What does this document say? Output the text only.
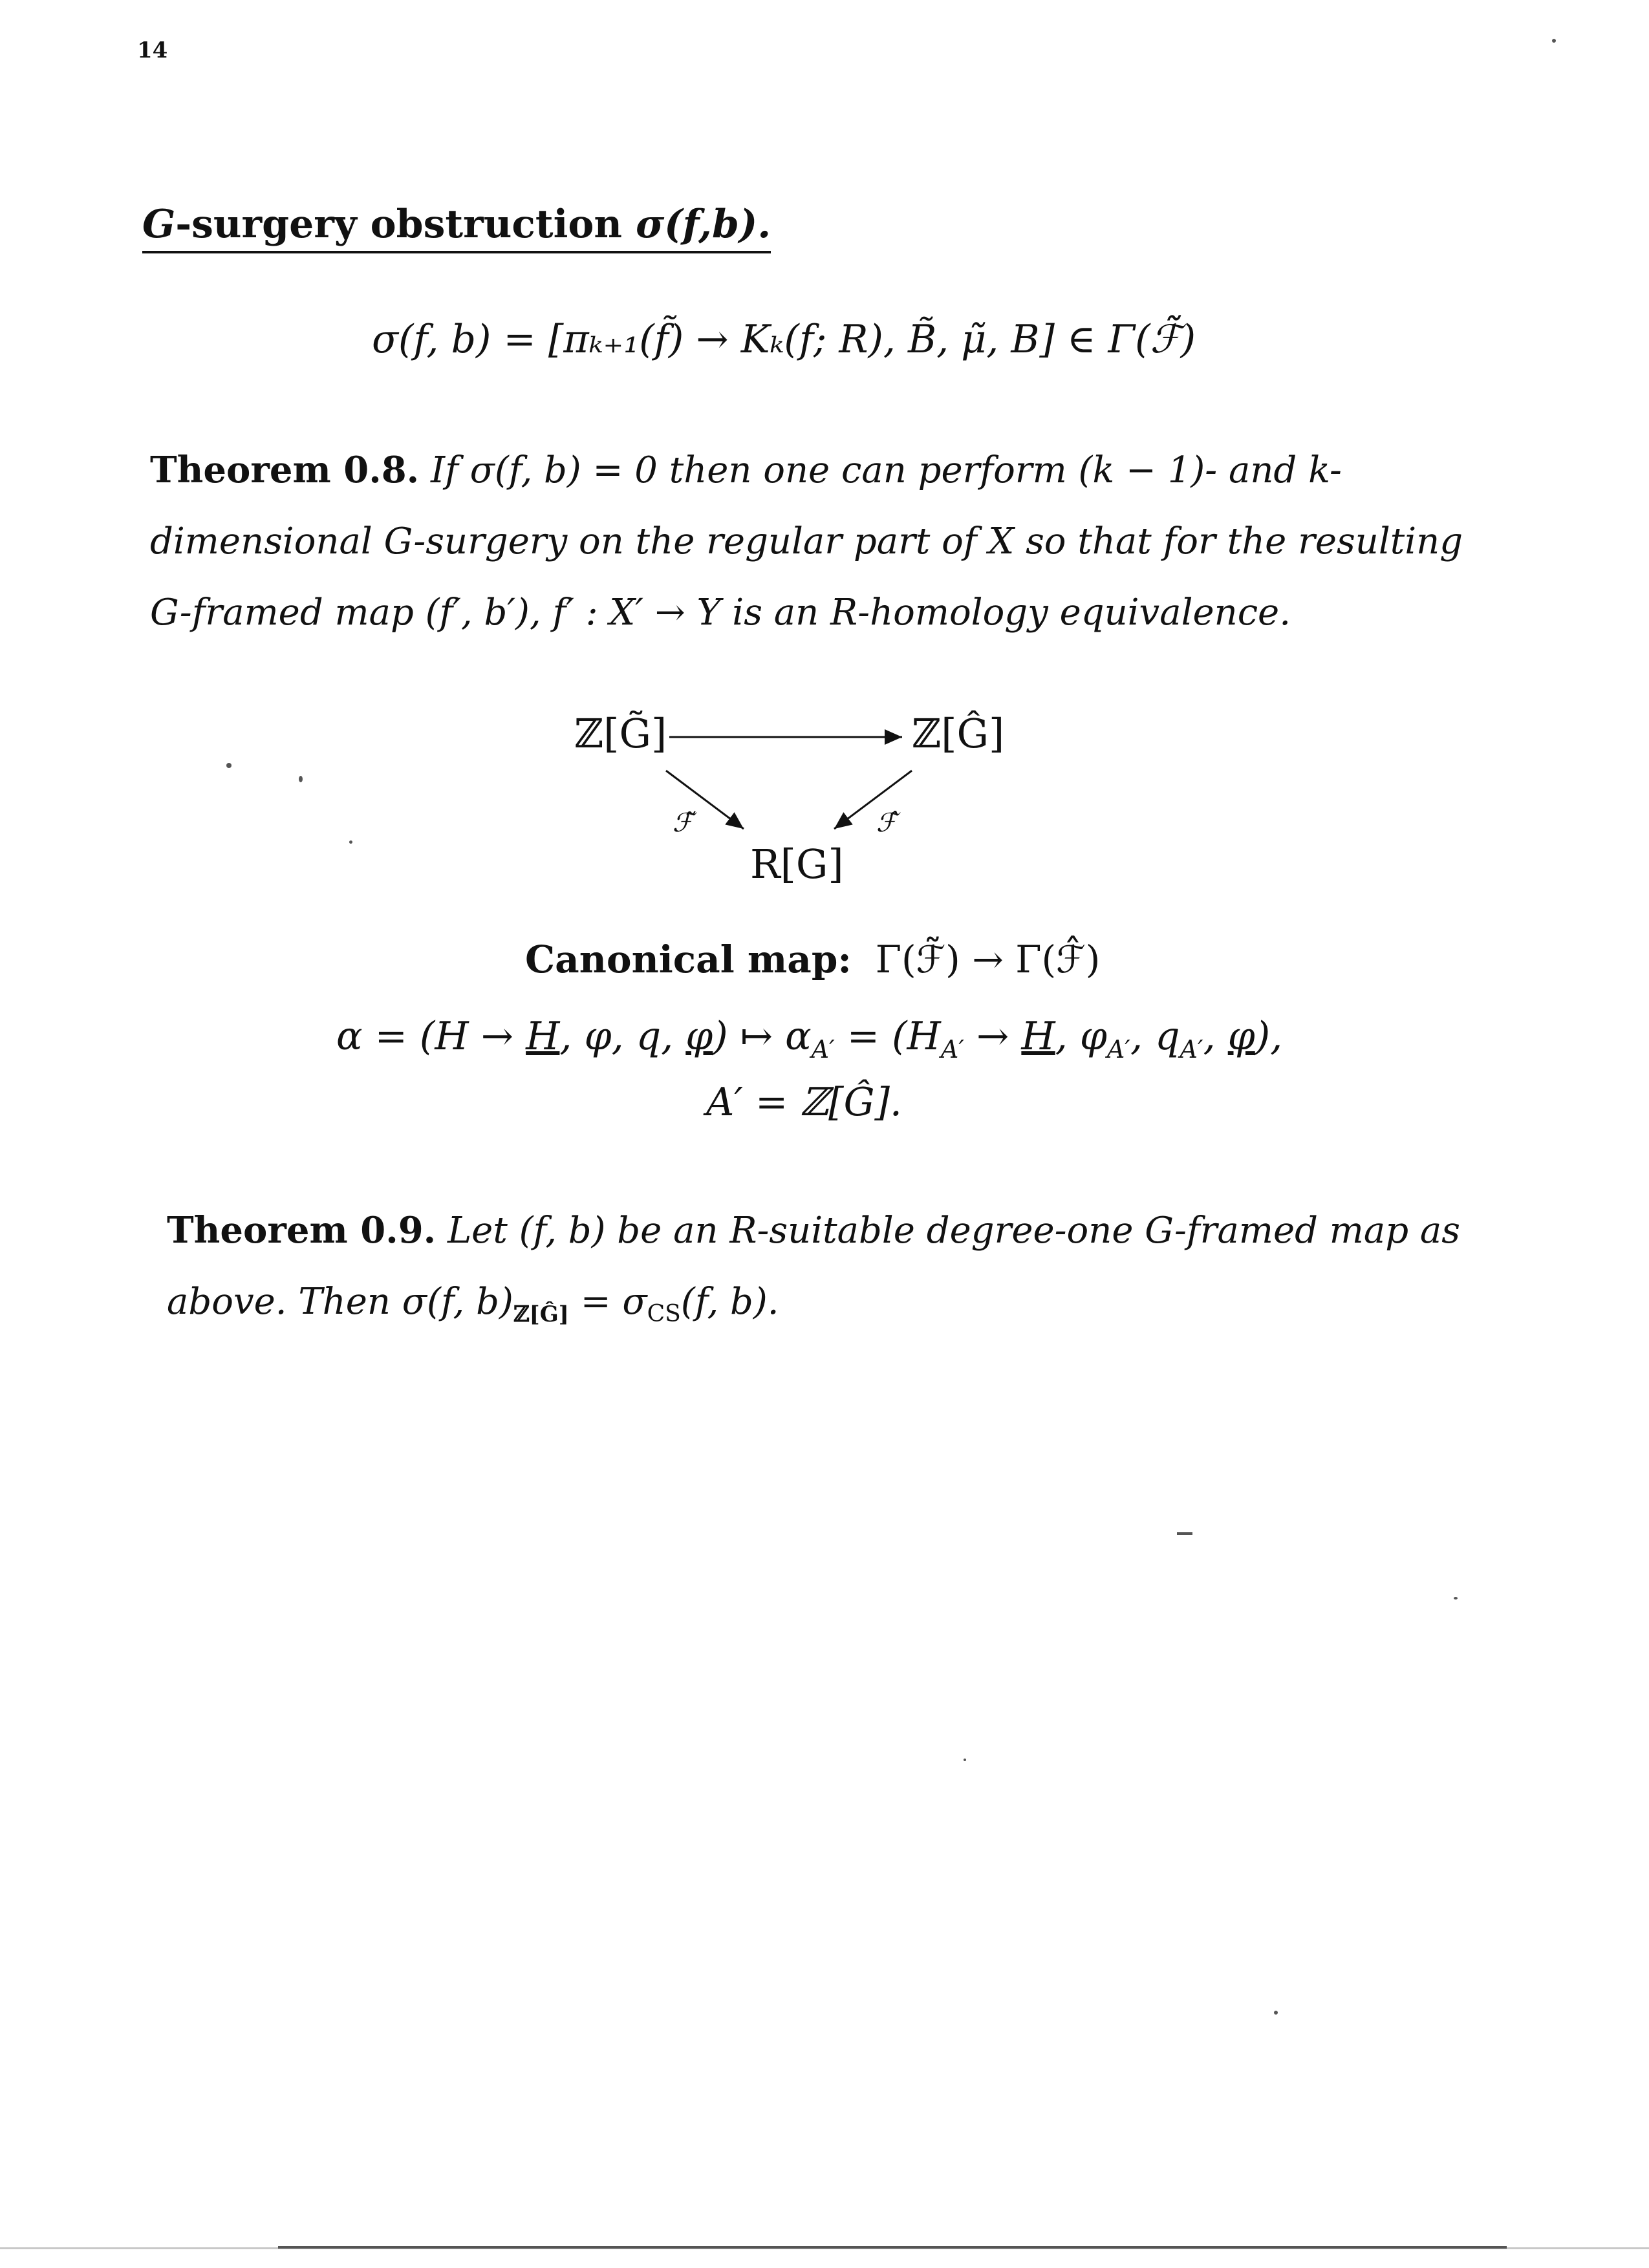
14
G-surgery obstruction σ(f,b).
σ(f, b) = [πₖ₊₁(f̃) → Kₖ(f; R), B̃, μ̃, B] ∈ Γ(ℱ̃)
Theorem 0.8. If σ(f, b) = 0 then one can perform (k − 1)- and k-
dimensional G-surgery on the regular part of X so that for the resulting
G-framed map (f′, b′), f′ : X′ → Y is an R-homology equivalence.
ℤ[G̃]	ℤ[Ĝ]
R[G]
ℱ̃	ℱ̂
Canonical map: Γ(ℱ̃) → Γ(ℱ̂)
α = (H → H, φ, q, φ) ↦ $\alpha_{A'} = (H_{A'} \to H$, $\varphi_{A'}$, $q_{A'}$, φ),
A′ = ℤ[Ĝ].
Theorem 0.9. Let (f, b) be an R-suitable degree-one G-framed map as
above. Then σ(f, $b)_{ℤ[Ĝ]} = \sigma_{CS}(f$, b).
